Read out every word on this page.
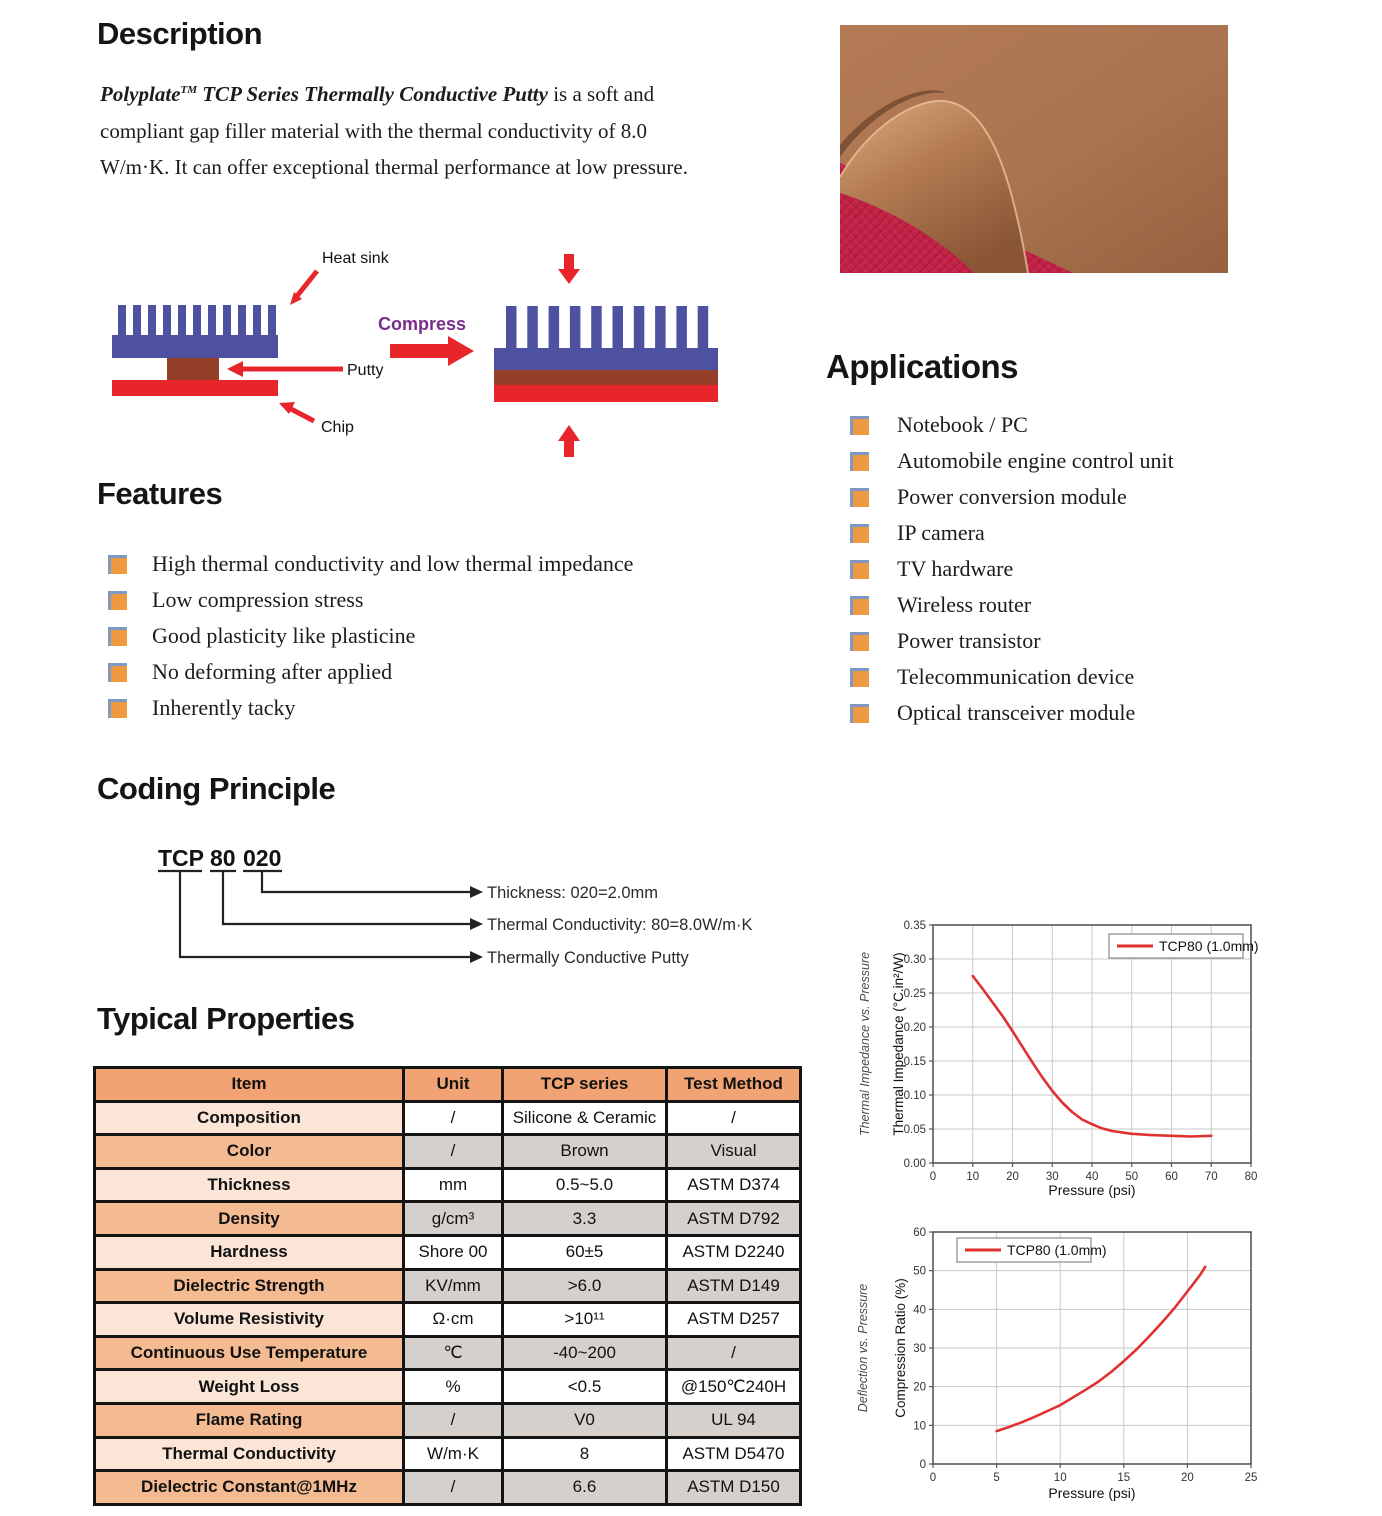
Description

Polyplate™ TCP Series Thermally Conductive Putty is a soft and compliant gap filler material with the thermal conductivity of 8.0 W/m·K. It can offer exceptional thermal performance at low pressure.

Heat sink
Putty
Chip
Compress
Features
High thermal conductivity and low thermal impedance
Low compression stress
Good plasticity like plasticine
No deforming after applied
Inherently tacky
Coding Principle
TCP 80 020
Thickness: 020=2.0mm
Thermal Conductivity: 80=8.0W/m·K
Thermally Conductive Putty
Typical Properties
Item	Unit	TCP series	Test Method
Composition	/	Silicone & Ceramic	/
Color	/	Brown	Visual
Thickness	mm	0.5~5.0	ASTM D374
Density	g/cm³	3.3	ASTM D792
Hardness	Shore 00	60±5	ASTM D2240
Dielectric Strength	KV/mm	>6.0	ASTM D149
Volume Resistivity	Ω·cm	>10¹¹	ASTM D257
Continuous Use Temperature	℃	-40~200	/
Weight Loss	%	<0.5	@150℃240H
Flame Rating	/	V0	UL 94
Thermal Conductivity	W/m·K	8	ASTM D5470
Dielectric Constant@1MHz	/	6.6	ASTM D150
Applications
Notebook / PC
Automobile engine control unit
Power conversion module
IP camera
TV hardware
Wireless router
Power transistor
Telecommunication device
Optical transceiver module
0	10 20 30 40 50 60 70 80
0.00
0.05
0.10
0.15
0.20
0.25
0.30
0.35
TCP80 (1.0mm)
Pressure (psi)
Thermal Impedance (°C.in²/W)
Thermal Impedance vs. Pressure
0	5	10	15	20	25
0
10
20
30
40
50
60
TCP80 (1.0mm)
Pressure (psi)
Compression Ratio (%)
Deflection vs. Pressure
